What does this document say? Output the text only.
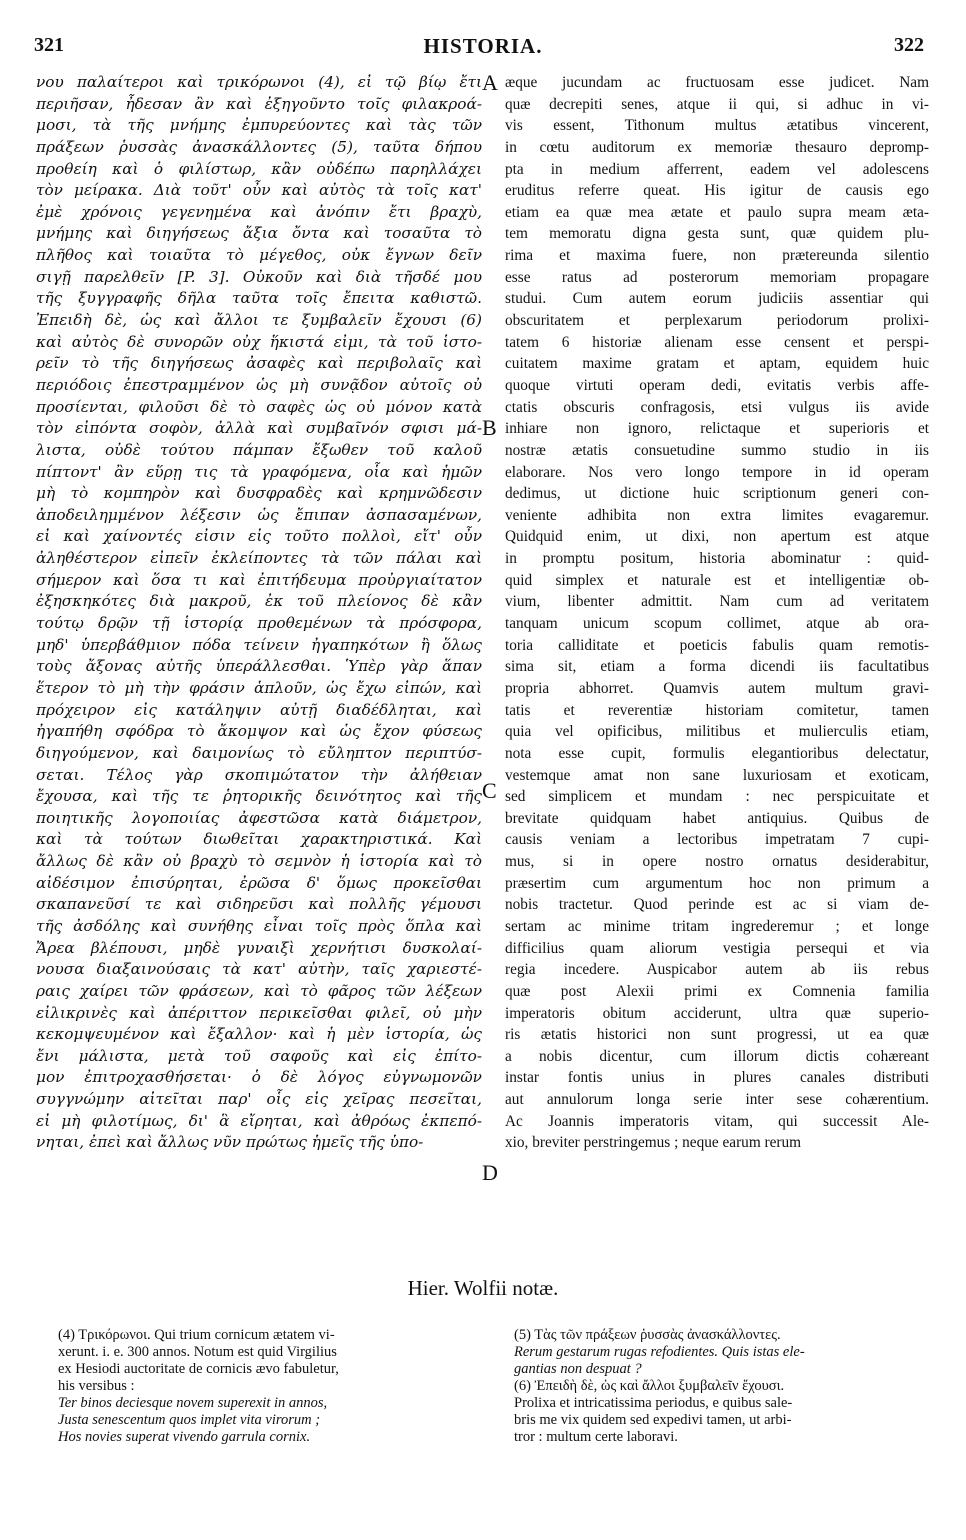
321	HISTORIA.	322
νου παλαίτεροι καὶ τρικόρωνοι (4), εἰ τῷ βίῳ ἔτι
περιῆσαν, ἦδεσαν ἂν καὶ ἐξηγοῦντο τοῖς φιλακροά-
μοσι, τὰ τῆς μνήμης ἐμπυρεύοντες καὶ τὰς τῶν
πράξεων ῥυσσὰς ἀνασκάλλοντες (5), ταῦτα δήπου
προθείη καὶ ὁ φιλίστωρ, κἂν οὐδέπω παρηλλάχει
τὸν μείρακα. Διὰ τοῦτ' οὖν καὶ αὐτὸς τὰ τοῖς κατ'
ἐμὲ χρόνοις γεγενημένα καὶ ἀνόπιν ἔτι βραχὺ,
μνήμης καὶ διηγήσεως ἄξια ὄντα καὶ τοσαῦτα τὸ
πλῆθος καὶ τοιαῦτα τὸ μέγεθος, οὐκ ἔγνων δεῖν
σιγῇ παρελθεῖν [P. 3]. Οὐκοῦν καὶ διὰ τῆσδέ μου
τῆς ξυγγραφῆς δῆλα ταῦτα τοῖς ἔπειτα καθιστῶ.
Ἐπειδὴ δὲ, ὡς καὶ ἄλλοι τε ξυμβαλεῖν ἔχουσι (6)
καὶ αὐτὸς δὲ συνορῶν οὐχ ἥκιστά εἰμι, τὰ τοῦ ἱστο-
ρεῖν τὸ τῆς διηγήσεως ἀσαφὲς καὶ περιβολαῖς καὶ
περιόδοις ἐπεστραμμένον ὡς μὴ συνᾷδον αὐτοῖς οὐ
προσίενται, φιλοῦσι δὲ τὸ σαφὲς ὡς οὐ μόνον κατὰ
τὸν εἰπόντα σοφὸν, ἀλλὰ καὶ συμβαῖνόν σφισι μά-
λιστα, οὐδὲ τούτου πάμπαν ἔξωθεν τοῦ καλοῦ
πίπτοντ' ἂν εὕρῃ τις τὰ γραφόμενα, οἷα καὶ ἡμῶν
μὴ τὸ κομπηρὸν καὶ δυσφραδὲς καὶ κρημνῶδεσιν
ἀποδειλημμένον λέξεσιν ὡς ἔπιπαν ἀσπασαμένων,
εἰ καὶ χαίνοντές εἰσιν εἰς τοῦτο πολλοὶ, εἴτ' οὖν
ἀληθέστερον εἰπεῖν ἐκλείποντες τὰ τῶν πάλαι καὶ
σήμερον καὶ ὅσα τι καὶ ἐπιτήδευμα προὐργιαίτατον
ἐξησκηκότες διὰ μακροῦ, ἐκ τοῦ πλείονος δὲ κἂν
τούτῳ δρῷν τῇ ἱστορίᾳ προθεμένων τὰ πρόσφορα,
μηδ' ὑπερβάθμιον πόδα τείνειν ἠγαπηκότων ἢ ὅλως
τοὺς ἄξονας αὐτῆς ὑπεράλλεσθαι. Ὑπὲρ γὰρ ἅπαν
ἕτερον τὸ μὴ τὴν φράσιν ἁπλοῦν, ὡς ἔχω εἰπών, καὶ
πρόχειρον εἰς κατάληψιν αὐτῇ διαδέδληται, καὶ
ἠγαπήθη σφόδρα τὸ ἄκομψον καὶ ὡς ἔχον φύσεως
διηγούμενον, καὶ δαιμονίως τὸ εὔληπτον περιπτύσ-
σεται. Τέλος γὰρ σκοπιμώτατον τὴν ἀλήθειαν
ἔχουσα, καὶ τῆς τε ῥητορικῆς δεινότητος καὶ τῆς
ποιητικῆς λογοποιίας ἀφεστῶσα κατὰ διάμετρον,
καὶ τὰ τούτων διωθεῖται χαρακτηριστικά. Καὶ
ἄλλως δὲ κἂν οὐ βραχὺ τὸ σεμνὸν ἡ ἱστορία καὶ τὸ
αἰδέσιμον ἐπισύρηται, ἐρῶσα δ' ὅμως προκεῖσθαι
σκαπανεῦσί τε καὶ σιδηρεῦσι καὶ πολλῆς γέμουσι
τῆς ἀσδόλης καὶ συνήθης εἶναι τοῖς πρὸς ὅπλα καὶ
Ἄρεα βλέπουσι, μηδὲ γυναιξὶ χερνήτισι δυσκολαί-
νουσα διαξαινούσαις τὰ κατ' αὐτὴν, ταῖς χαριεστέ-
ραις χαίρει τῶν φράσεων, καὶ τὸ φᾶρος τῶν λέξεων
εἰλικρινὲς καὶ ἀπέριττον περικεῖσθαι φιλεῖ, οὐ μὴν
κεκομψευμένον καὶ ἔξαλλον· καὶ ἡ μὲν ἱστορία, ὡς
ἔνι μάλιστα, μετὰ τοῦ σαφοῦς καὶ εἰς ἐπίτο-
μον ἐπιτροχασθήσεται· ὁ δὲ λόγος εὐγνωμονῶν
συγγνώμην αἰτεῖται παρ' οἷς εἰς χεῖρας πεσεῖται,
εἰ μὴ φιλοτίμως, δι' ἃ εἴρηται, καὶ ἀθρόως ἐκπεπό-
νηται, ἐπεὶ καὶ ἄλλως νῦν πρώτως ἡμεῖς τῆς ὑπο-
æque jucundam ac fructuosam esse judicet. Nam
quæ decrepiti senes, atque ii qui, si adhuc in vi-
vis essent, Tithonum multus ætatibus vincerent,
in cœtu auditorum ex memoriæ thesauro depromp-
pta in medium afferrent, eadem vel adolescens
eruditus referre queat. His igitur de causis ego
etiam ea quæ mea ætate et paulo supra meam æta-
tem memoratu digna gesta sunt, quæ quidem plu-
rima et maxima fuere, non prætereunda silentio
esse ratus ad posterorum memoriam propagare
studui. Cum autem eorum judiciis assentiar qui
obscuritatem et perplexarum periodorum prolixi-
tatem 6 historiæ alienam esse censent et perspi-
cuitatem maxime gratam et aptam, equidem huic
quoque virtuti operam dedi, evitatis verbis affe-
ctatis obscuris confragosis, etsi vulgus iis avide
inhiare non ignoro, relictaque et superioris et
nostræ ætatis consuetudine summo studio in iis
elaborare. Nos vero longo tempore in id operam
dedimus, ut dictione huic scriptionum generi con-
veniente adhibita non extra limites evagaremur.
Quidquid enim, ut dixi, non apertum est atque
in promptu positum, historia abominatur : quid-
quid simplex et naturale est et intelligentiæ ob-
vium, libenter admittit. Nam cum ad veritatem
tanquam unicum scopum collimet, atque ab ora-
toria calliditate et poeticis fabulis quam remotis-
sima sit, etiam a forma dicendi iis facultatibus
propria abhorret. Quamvis autem multum gravi-
tatis et reverentiæ historiam comitetur, tamen
quia vel opificibus, militibus et mulierculis etiam,
nota esse cupit, formulis elegantioribus delectatur,
vestemque amat non sane luxuriosam et exoticam,
sed simplicem et mundam : nec perspicuitate et
brevitate quidquam habet antiquius. Quibus de
causis veniam a lectoribus impetratam 7 cupi-
mus, si in opere nostro ornatus desiderabitur,
præsertim cum argumentum hoc non primum a
nobis tractetur. Quod perinde est ac si viam de-
sertam ac minime tritam ingrederemur ; et longe
difficilius quam aliorum vestigia persequi et via
regia incedere. Auspicabor autem ab iis rebus
quæ post Alexii primi ex Comnenia familia
imperatoris obitum acciderunt, ultra quæ superio-
ris ætatis historici non sunt progressi, ut ea quæ
a nobis dicentur, cum illorum dictis cohæreant
instar fontis unius in plures canales distributi
aut annulorum longa serie inter sese cohærentium.
Ac Joannis imperatoris vitam, qui successit Ale-
xio, breviter perstringemus ; neque earum rerum
A
B
C
D
Hier. Wolfii notæ.
(4) Τρικόρωνοι. Qui trium cornicum ætatem vi-
xerunt. i. e. 300 annos. Notum est quid Virgilius
ex Hesiodi auctoritate de cornicis ævo fabuletur,
his versibus :
Ter binos deciesque novem superexit in annos,
Justa senescentum quos implet vita virorum ;
Hos novies superat vivendo garrula cornix.
(5) Τὰς τῶν πράξεων ῥυσσὰς ἀνασκάλλοντες.
Rerum gestarum rugas refodientes. Quis istas ele-
gantias non despuat ?
(6) Ἐπειδὴ δὲ, ὡς καὶ ἄλλοι ξυμβαλεῖν ἔχουσι.
Prolixa et intricatissima periodus, e quibus sale-
bris me vix quidem sed expedivi tamen, ut arbi-
tror : multum certe laboravi.
